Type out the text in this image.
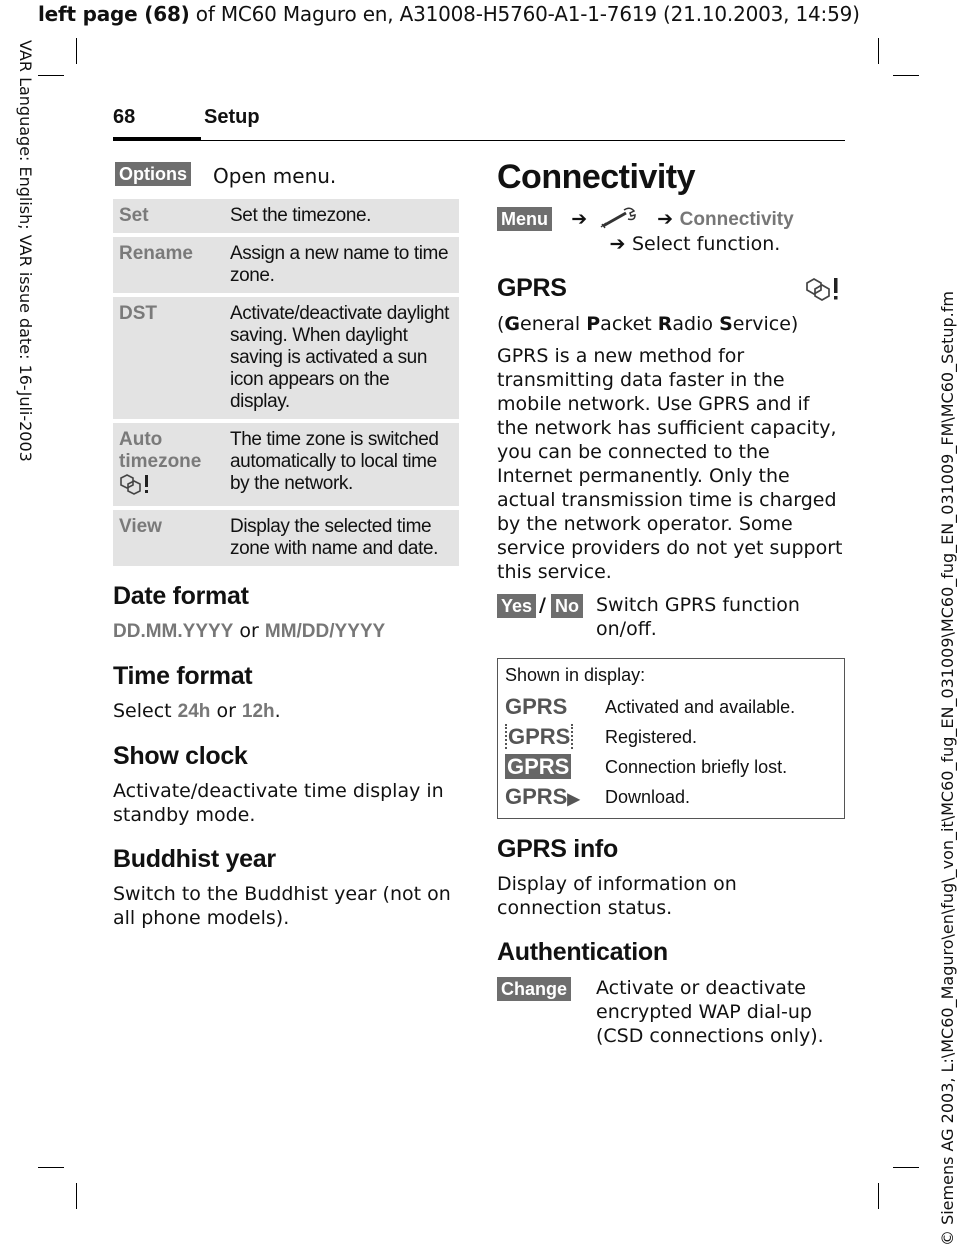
left page (68) of MC60 Maguro en, A31008-H5760-A1-1-7619 (21.10.2003, 14:59)
VAR Language: English; VAR issue date: 16-Juli-2003
© Siemens AG 2003, L:\MC60_Maguro\en\fug\_von_it\MC60_fug_EN_031009\MC60_fug_EN_031009_FM\MC60_Setup.fm
68	Setup
Options Open menu.
Set	Set the timezone.
Rename	Assign a new name to time zone.
DST	Activate/deactivate daylight saving. When daylight saving is activated a sun icon appears on the display.

Auto timezone	The time zone is switched automatically to local time by the network.
View	Display the selected time zone with name and date.
Date format

DD.MM.YYYY or MM/DD/YYYY

Time format

Select 24h or 12h.

Show clock

Activate/deactivate time display in standby mode.

Buddhist year

Switch to the Buddhist year (not on all phone models).

Connectivity
Menu   ➔	➔ Connectivity
➔ Select function.
GPRS

(General Packet Radio Service)

GPRS is a new method for transmitting data faster in the mobile network. Use GPRS and if the network has sufficient capacity, you can be connected to the Internet permanently. Only the actual transmission time is charged by the network operator. Some service providers do not yet support this service.

Yes / No Switch GPRS function on/off.
Shown in display:
GPRS	Activated and available.
GPRS	Registered.
GPRS	Connection briefly lost.
GPRS▶	Download.
GPRS info

Display of information on connection status.

Authentication
Change Activate or deactivate encrypted WAP dial-up (CSD connections only).
